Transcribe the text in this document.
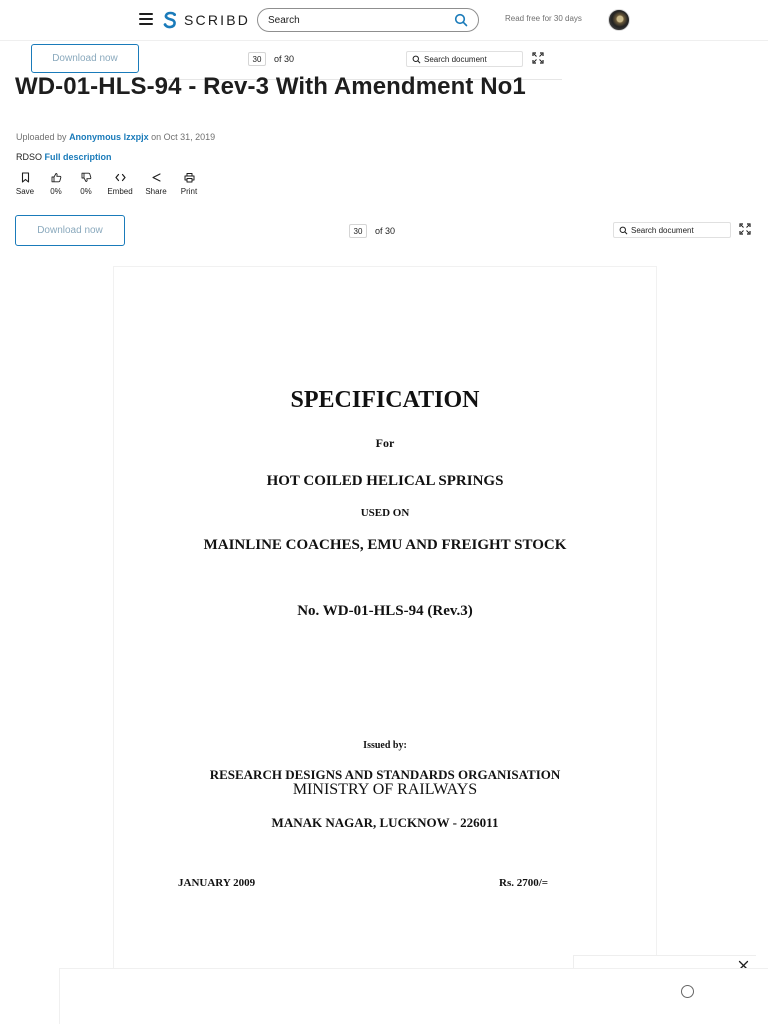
SCRIBD
Search	Read free for 30 days
Download now	30	of 30
Search document
WD-01-HLS-94 - Rev-3 With Amendment No1
Uploaded by Anonymous lzxpjx on Oct 31, 2019
RDSO Full description
Save 0% 0% Embed Share Print
Download now	30	of 30
Search document
SPECIFICATION
For
HOT COILED HELICAL SPRINGS
USED ON
MAINLINE COACHES, EMU AND FREIGHT STOCK
No. WD-01-HLS-94 (Rev.3)
Issued by:
RESEARCH DESIGNS AND STANDARDS ORGANISATION
MINISTRY OF RAILWAYS
MANAK NAGAR, LUCKNOW - 226011
JANUARY 2009	Rs. 2700/=
